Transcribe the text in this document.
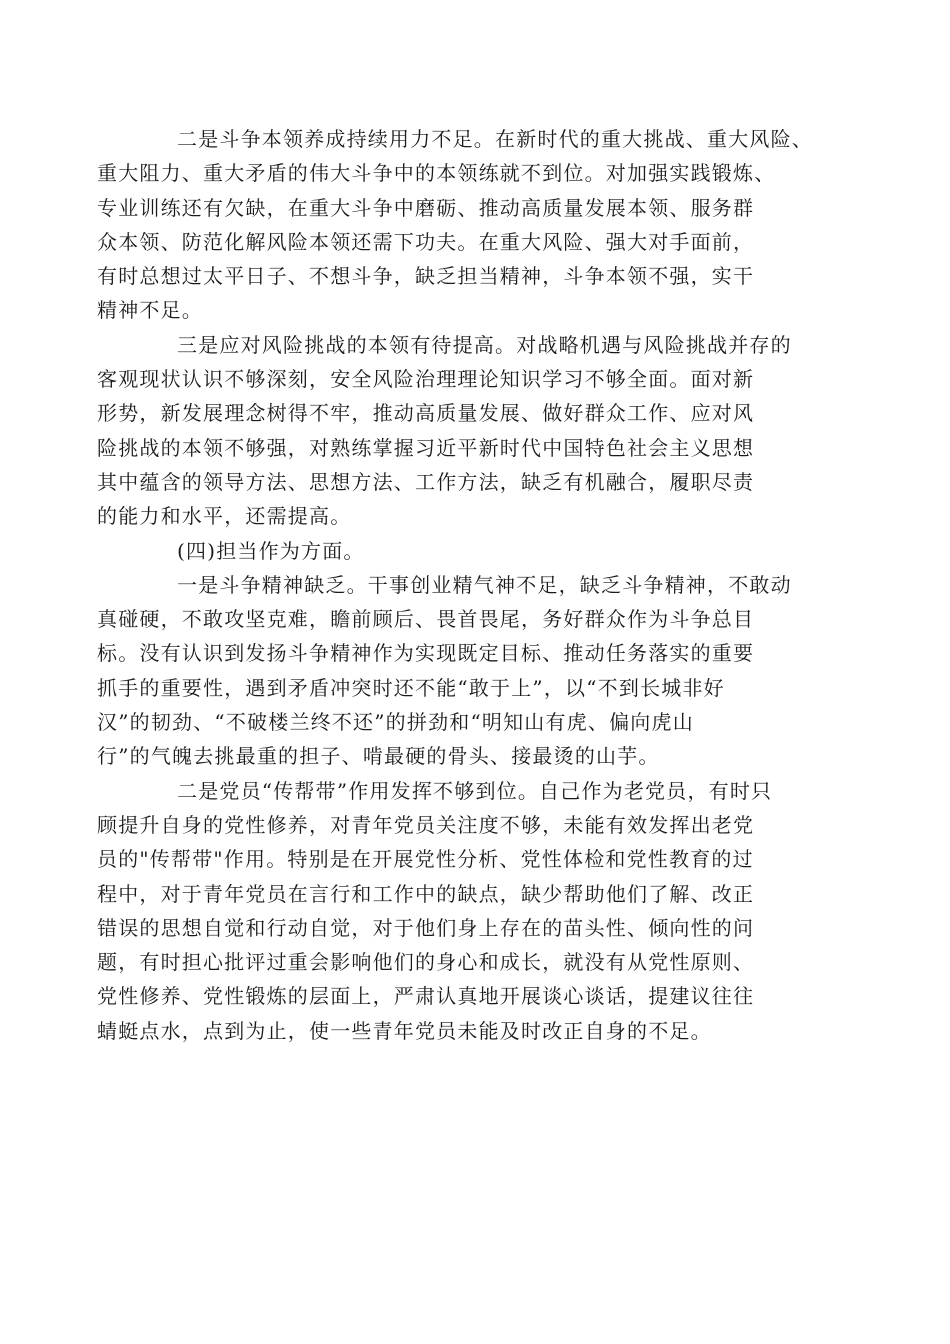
二是斗争本领养成持续用力不足。在新时代的重大挑战、重大风险、
重大阻力、重大矛盾的伟大斗争中的本领练就不到位。对加强实践锻炼、
专业训练还有欠缺，在重大斗争中磨砺、推动高质量发展本领、服务群
众本领、防范化解风险本领还需下功夫。在重大风险、强大对手面前，
有时总想过太平日子、不想斗争，缺乏担当精神，斗争本领不强，实干
精神不足。

三是应对风险挑战的本领有待提高。对战略机遇与风险挑战并存的
客观现状认识不够深刻，安全风险治理理论知识学习不够全面。面对新
形势，新发展理念树得不牢，推动高质量发展、做好群众工作、应对风
险挑战的本领不够强，对熟练掌握习近平新时代中国特色社会主义思想
其中蕴含的领导方法、思想方法、工作方法，缺乏有机融合，履职尽责
的能力和水平，还需提高。

(四)担当作为方面。

一是斗争精神缺乏。干事创业精气神不足，缺乏斗争精神，不敢动
真碰硬，不敢攻坚克难，瞻前顾后、畏首畏尾，务好群众作为斗争总目
标。没有认识到发扬斗争精神作为实现既定目标、推动任务落实的重要
抓手的重要性，遇到矛盾冲突时还不能“敢于上”，以“不到长城非好
汉”的韧劲、“不破楼兰终不还”的拼劲和“明知山有虎、偏向虎山
行”的气魄去挑最重的担子、啃最硬的骨头、接最烫的山芋。

二是党员“传帮带”作用发挥不够到位。自己作为老党员，有时只
顾提升自身的党性修养，对青年党员关注度不够，未能有效发挥出老党
员的"传帮带"作用。特别是在开展党性分析、党性体检和党性教育的过
程中，对于青年党员在言行和工作中的缺点，缺少帮助他们了解、改正
错误的思想自觉和行动自觉，对于他们身上存在的苗头性、倾向性的问
题，有时担心批评过重会影响他们的身心和成长，就没有从党性原则、
党性修养、党性锻炼的层面上，严肃认真地开展谈心谈话，提建议往往
蜻蜓点水，点到为止，使一些青年党员未能及时改正自身的不足。
